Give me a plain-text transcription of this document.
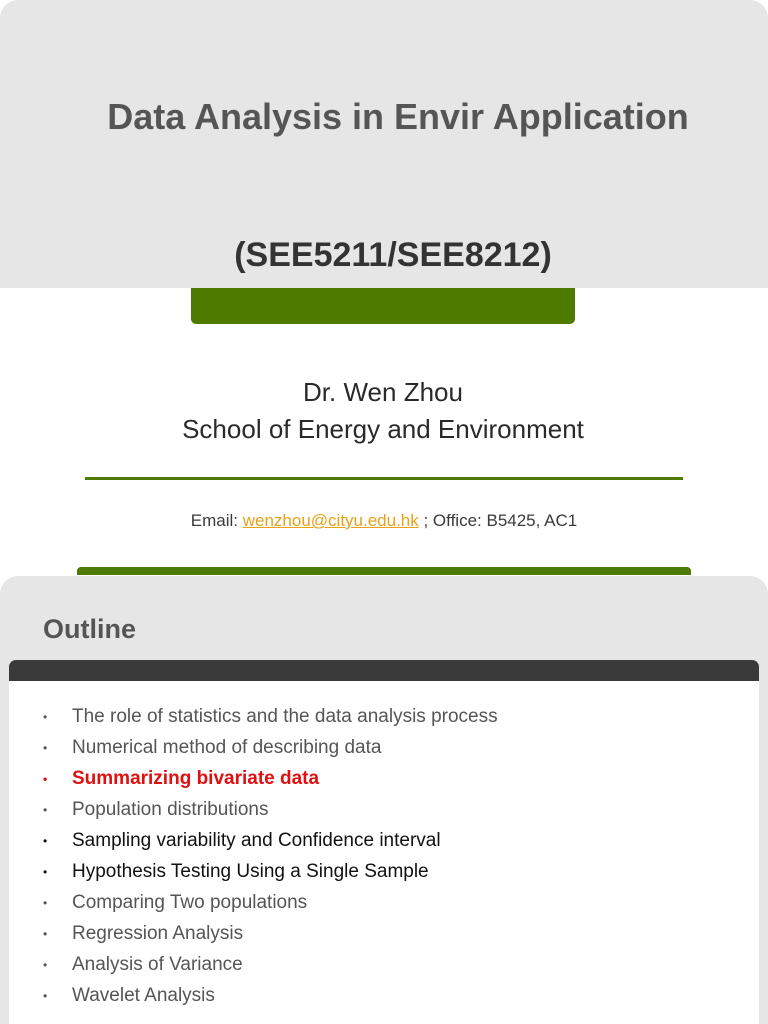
Data Analysis in Envir Application
(SEE5211/SEE8212)
Dr. Wen Zhou
School of Energy and Environment
Email: wenzhou@cityu.edu.hk ; Office: B5425, AC1
Outline
• The role of statistics and the data analysis process
• Numerical method of describing data
• Summarizing bivariate data
• Population distributions
• Sampling variability and Confidence interval
• Hypothesis Testing Using a Single Sample
• Comparing Two populations
• Regression Analysis
• Analysis of Variance
• Wavelet Analysis
